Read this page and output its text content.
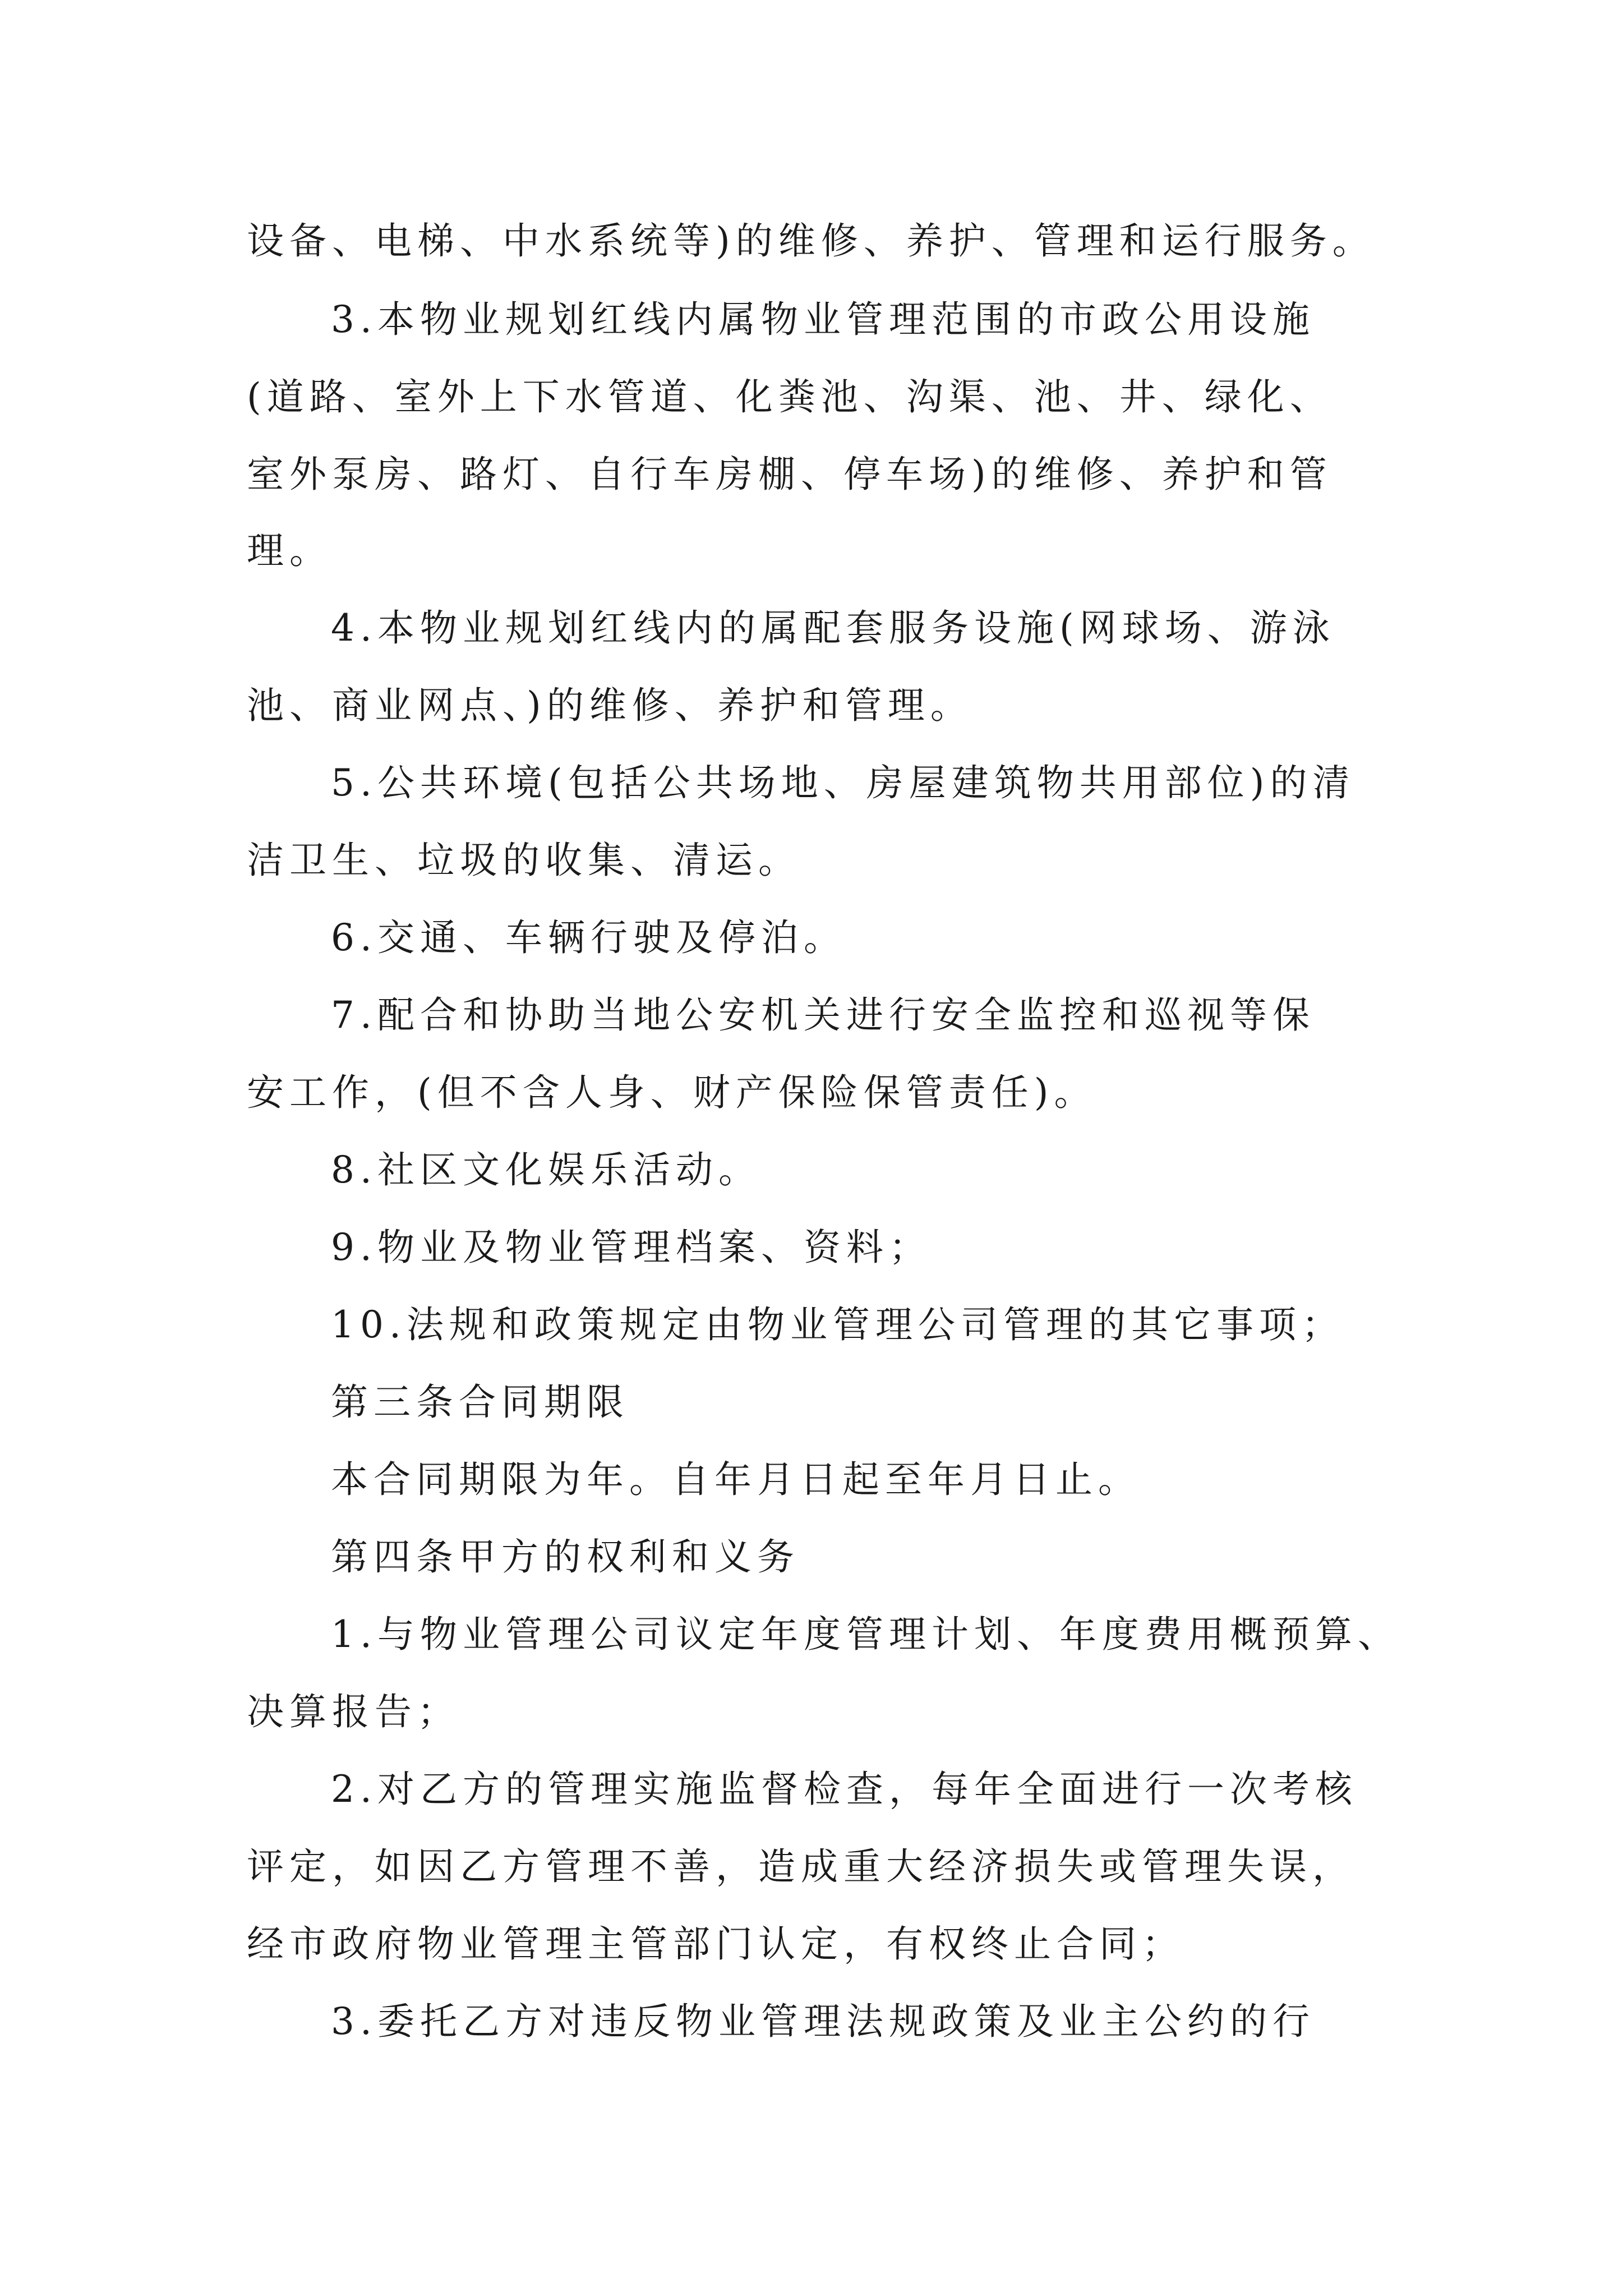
设备、电梯、中水系统等)的维修、养护、管理和运行服务。
3.本物业规划红线内属物业管理范围的市政公用设施
(道路、室外上下水管道、化粪池、沟渠、池、井、绿化、
室外泵房、路灯、自行车房棚、停车场)的维修、养护和管
理。
4.本物业规划红线内的属配套服务设施(网球场、游泳
池、商业网点、)的维修、养护和管理。
5.公共环境(包括公共场地、房屋建筑物共用部位)的清
洁卫生、垃圾的收集、清运。
6.交通、车辆行驶及停泊。
7.配合和协助当地公安机关进行安全监控和巡视等保
安工作，(但不含人身、财产保险保管责任)。
8.社区文化娱乐活动。
9.物业及物业管理档案、资料；
10.法规和政策规定由物业管理公司管理的其它事项；
第三条合同期限
本合同期限为年。自年月日起至年月日止。
第四条甲方的权利和义务
1.与物业管理公司议定年度管理计划、年度费用概预算、
决算报告；
2.对乙方的管理实施监督检查，每年全面进行一次考核
评定，如因乙方管理不善，造成重大经济损失或管理失误，
经市政府物业管理主管部门认定，有权终止合同；
3.委托乙方对违反物业管理法规政策及业主公约的行
